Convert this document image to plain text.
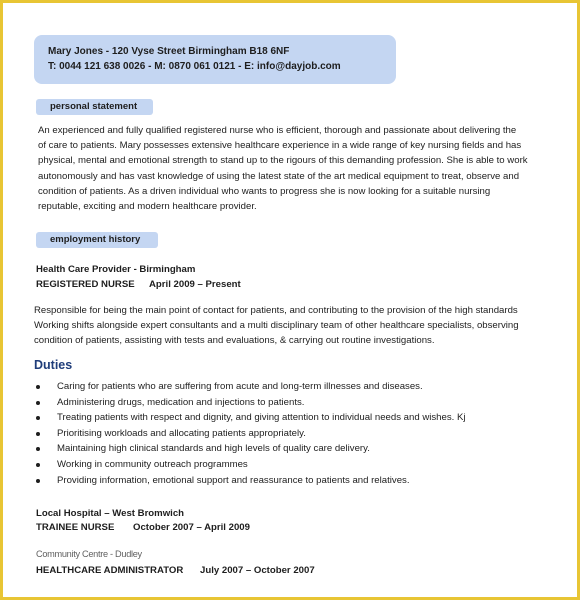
Mary Jones - 120 Vyse Street Birmingham B18 6NF
T: 0044 121 638 0026 - M: 0870 061 0121 - E: info@dayjob.com
personal statement

An experienced and fully qualified registered nurse who is efficient, thorough and passionate about delivering the

of care to patients. Mary possesses extensive healthcare experience in a wide range of key nursing fields and has

physical, mental and emotional strength to stand up to the rigours of this demanding profession. She is able to work

autonomously and has vast knowledge of using the latest state of the art medical equipment to treat, observe and

condition of patients. As a driven individual who wants to progress she is now looking for a suitable nursing

reputable, exciting and modern healthcare provider.

employment history
Health Care Provider - Birmingham
REGISTERED NURSE April 2009 – Present

Responsible for being the main point of contact for patients, and contributing to the provision of the high standards

Working shifts alongside expert consultants and a multi disciplinary team of other healthcare specialists, observing

condition of patients, assisting with tests and evaluations, & carrying out routine investigations.

Duties
Caring for patients who are suffering from acute and long-term illnesses and diseases.
Administering drugs, medication and injections to patients.
Treating patients with respect and dignity, and giving attention to individual needs and wishes. Kj
Prioritising workloads and allocating patients appropriately.
Maintaining high clinical standards and high levels of quality care delivery.
Working in community outreach programmes
Providing information, emotional support and reassurance to patients and relatives.
Local Hospital – West Bromwich
TRAINEE NURSE October 2007 – April 2009
Community Centre - Dudley
HEALTHCARE ADMINISTRATOR July 2007 – October 2007
